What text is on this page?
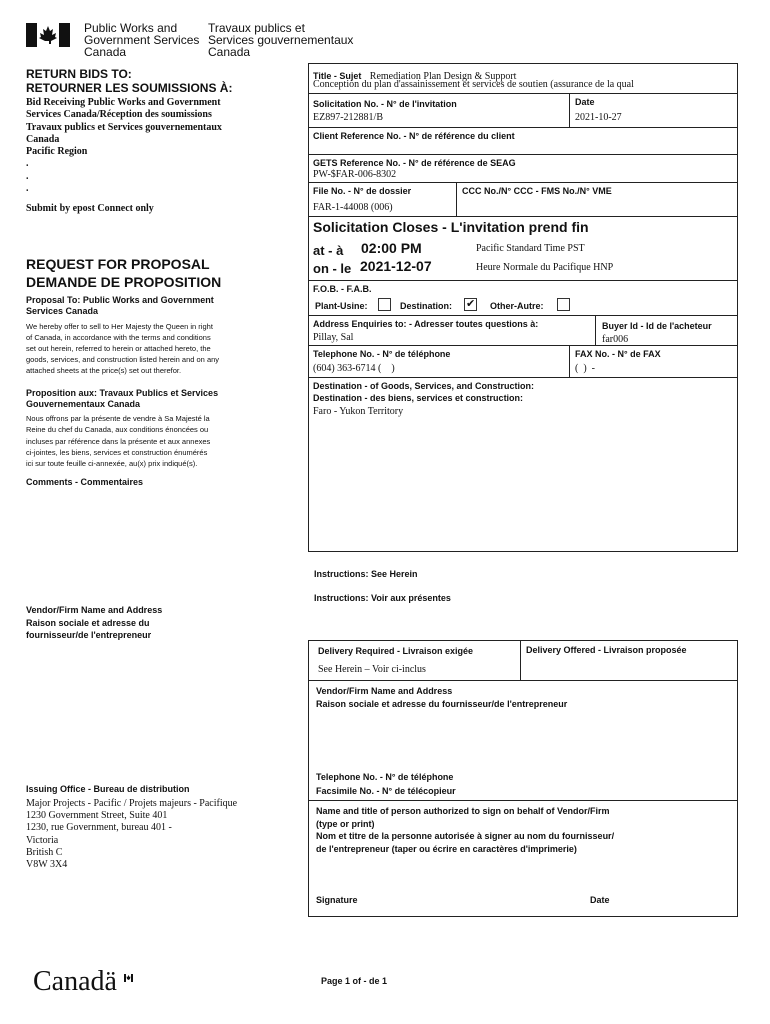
Public Works and
Government Services
Canada
Travaux publics et
Services gouvernementaux
Canada
RETURN BIDS TO:
RETOURNER LES SOUMISSIONS À:
Bid Receiving Public Works and Government
Services Canada/Réception des soumissions
Travaux publics et Services gouvernementaux
Canada
Pacific Region
.
.
.
Submit by epost Connect only
REQUEST FOR PROPOSAL
DEMANDE DE PROPOSITION
Proposal To: Public Works and Government
Services Canada
We hereby offer to sell to Her Majesty the Queen in right
of Canada, in accordance with the terms and conditions
set out herein, referred to herein or attached hereto, the
goods, services, and construction listed herein and on any
attached sheets at the price(s) set out therefor.
Proposition aux: Travaux Publics et Services
Gouvernementaux Canada
Nous offrons par la présente de vendre à Sa Majesté la
Reine du chef du Canada, aux conditions énoncées ou
incluses par référence dans la présente et aux annexes
ci-jointes, les biens, services et construction énumérés
ici sur toute feuille ci-annexée, au(x) prix indiqué(s).
Comments - Commentaires
Vendor/Firm Name and Address
Raison sociale et adresse du
fournisseur/de l'entrepreneur
Issuing Office - Bureau de distribution
Major Projects - Pacific / Projets majeurs - Pacifique
1230 Government Street, Suite 401
1230, rue Government, bureau 401 -
Victoria
British C
V8W 3X4
Title - Sujet Remediation Plan Design & Support
Conception du plan d'assainissement et services de soutien (assurance de la qual
Solicitation No. - N° de l'invitation
EZ897-212881/B
Date
2021-10-27
Client Reference No. - N° de référence du client
GETS Reference No. - N° de référence de SEAG
PW-$FAR-006-8302
File No. - N° de dossier
FAR-1-44008 (006)
CCC No./N° CCC - FMS No./N° VME
Solicitation Closes - L'invitation prend fin
at - à 02:00 PM
on - le 2021-12-07
Pacific Standard Time PST
Heure Normale du Pacifique HNP
F.O.B. - F.A.B.
Plant-Usine:	Destination: ✔ Other-Autre:
Address Enquiries to: - Adresser toutes questions à:
Pillay, Sal
Buyer Id - Id de l'acheteur
far006
Telephone No. - N° de téléphone
(604) 363-6714 (    )
FAX No. - N° de FAX
(  )  -
Destination - of Goods, Services, and Construction:
Destination - des biens, services et construction:
Faro - Yukon Territory
Instructions: See Herein
Instructions: Voir aux présentes
Delivery Required - Livraison exigée
See Herein – Voir ci-inclus
Delivery Offered - Livraison proposée
Vendor/Firm Name and Address
Raison sociale et adresse du fournisseur/de l'entrepreneur
Telephone No. - N° de téléphone
Facsimile No. - N° de télécopieur
Name and title of person authorized to sign on behalf of Vendor/Firm
(type or print)
Nom et titre de la personne autorisée à signer au nom du fournisseur/
de l'entrepreneur (taper ou écrire en caractères d'imprimerie)
Signature	Date
Canadä	Page 1 of - de 1
